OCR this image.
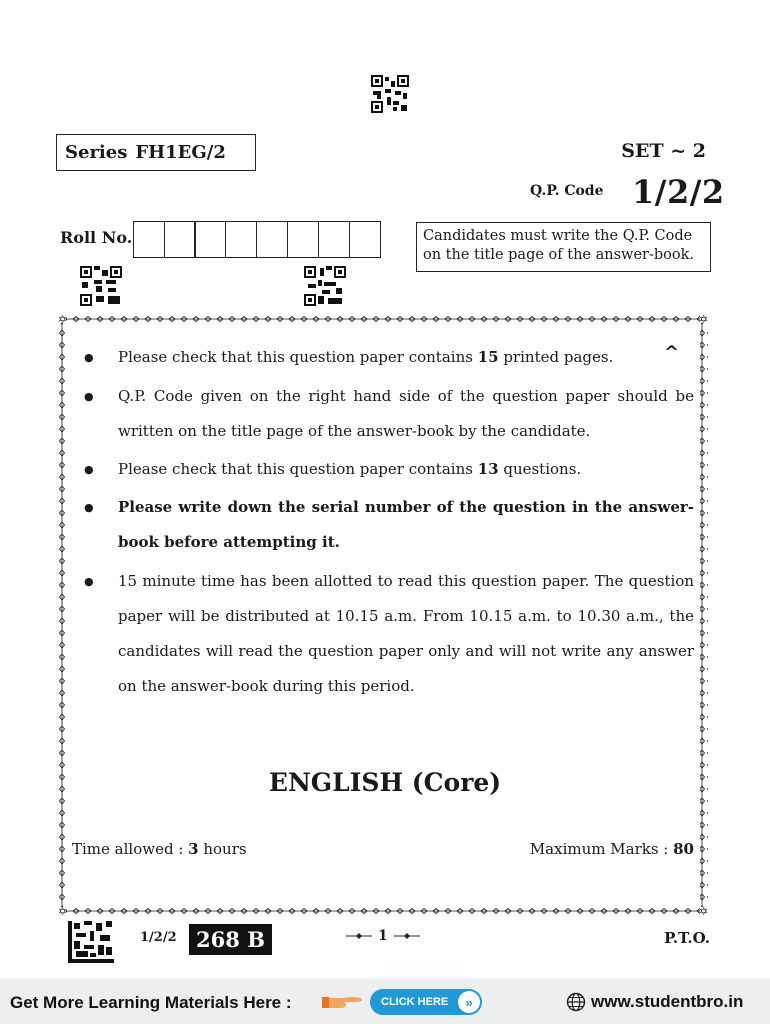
Series FH1EG/2	SET ~ 2
Q.P. Code 1/2/2
Roll No.	Candidates must write the Q.P. Code
on the title page of the answer-book.
✡	✡
✡	✡
^
● Please check that this question paper contains 15 printed pages.
● Q.P. Code given on the right hand side of the question paper should be written on the title page of the answer-book by the candidate.
● Please check that this question paper contains 13 questions.
● Please write down the serial number of the question in the answer-book before attempting it.
● 15 minute time has been allotted to read this question paper. The question paper will be distributed at 10.15 a.m. From 10.15 a.m. to 10.30 a.m., the candidates will read the question paper only and will not write any answer on the answer-book during this period.
ENGLISH (Core)
Time allowed : 3 hours	Maximum Marks : 80
1/2/2 268 B	1	P.T.O.
Get More Learning Materials Here :	CLICK HERE	»	www.studentbro.in
